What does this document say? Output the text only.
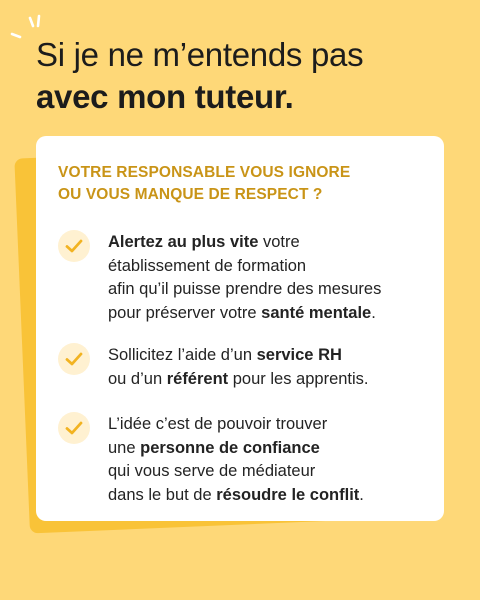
Si je ne m’entends pas
avec mon tuteur.
VOTRE RESPONSABLE VOUS IGNORE
OU VOUS MANQUE DE RESPECT ?
Alertez au plus vite votre
établissement de formation
afin qu’il puisse prendre des mesures
pour préserver votre santé mentale.
Sollicitez l’aide d’un service RH
ou d’un référent pour les apprentis.
L’idée c’est de pouvoir trouver
une personne de confiance
qui vous serve de médiateur
dans le but de résoudre le conflit.
